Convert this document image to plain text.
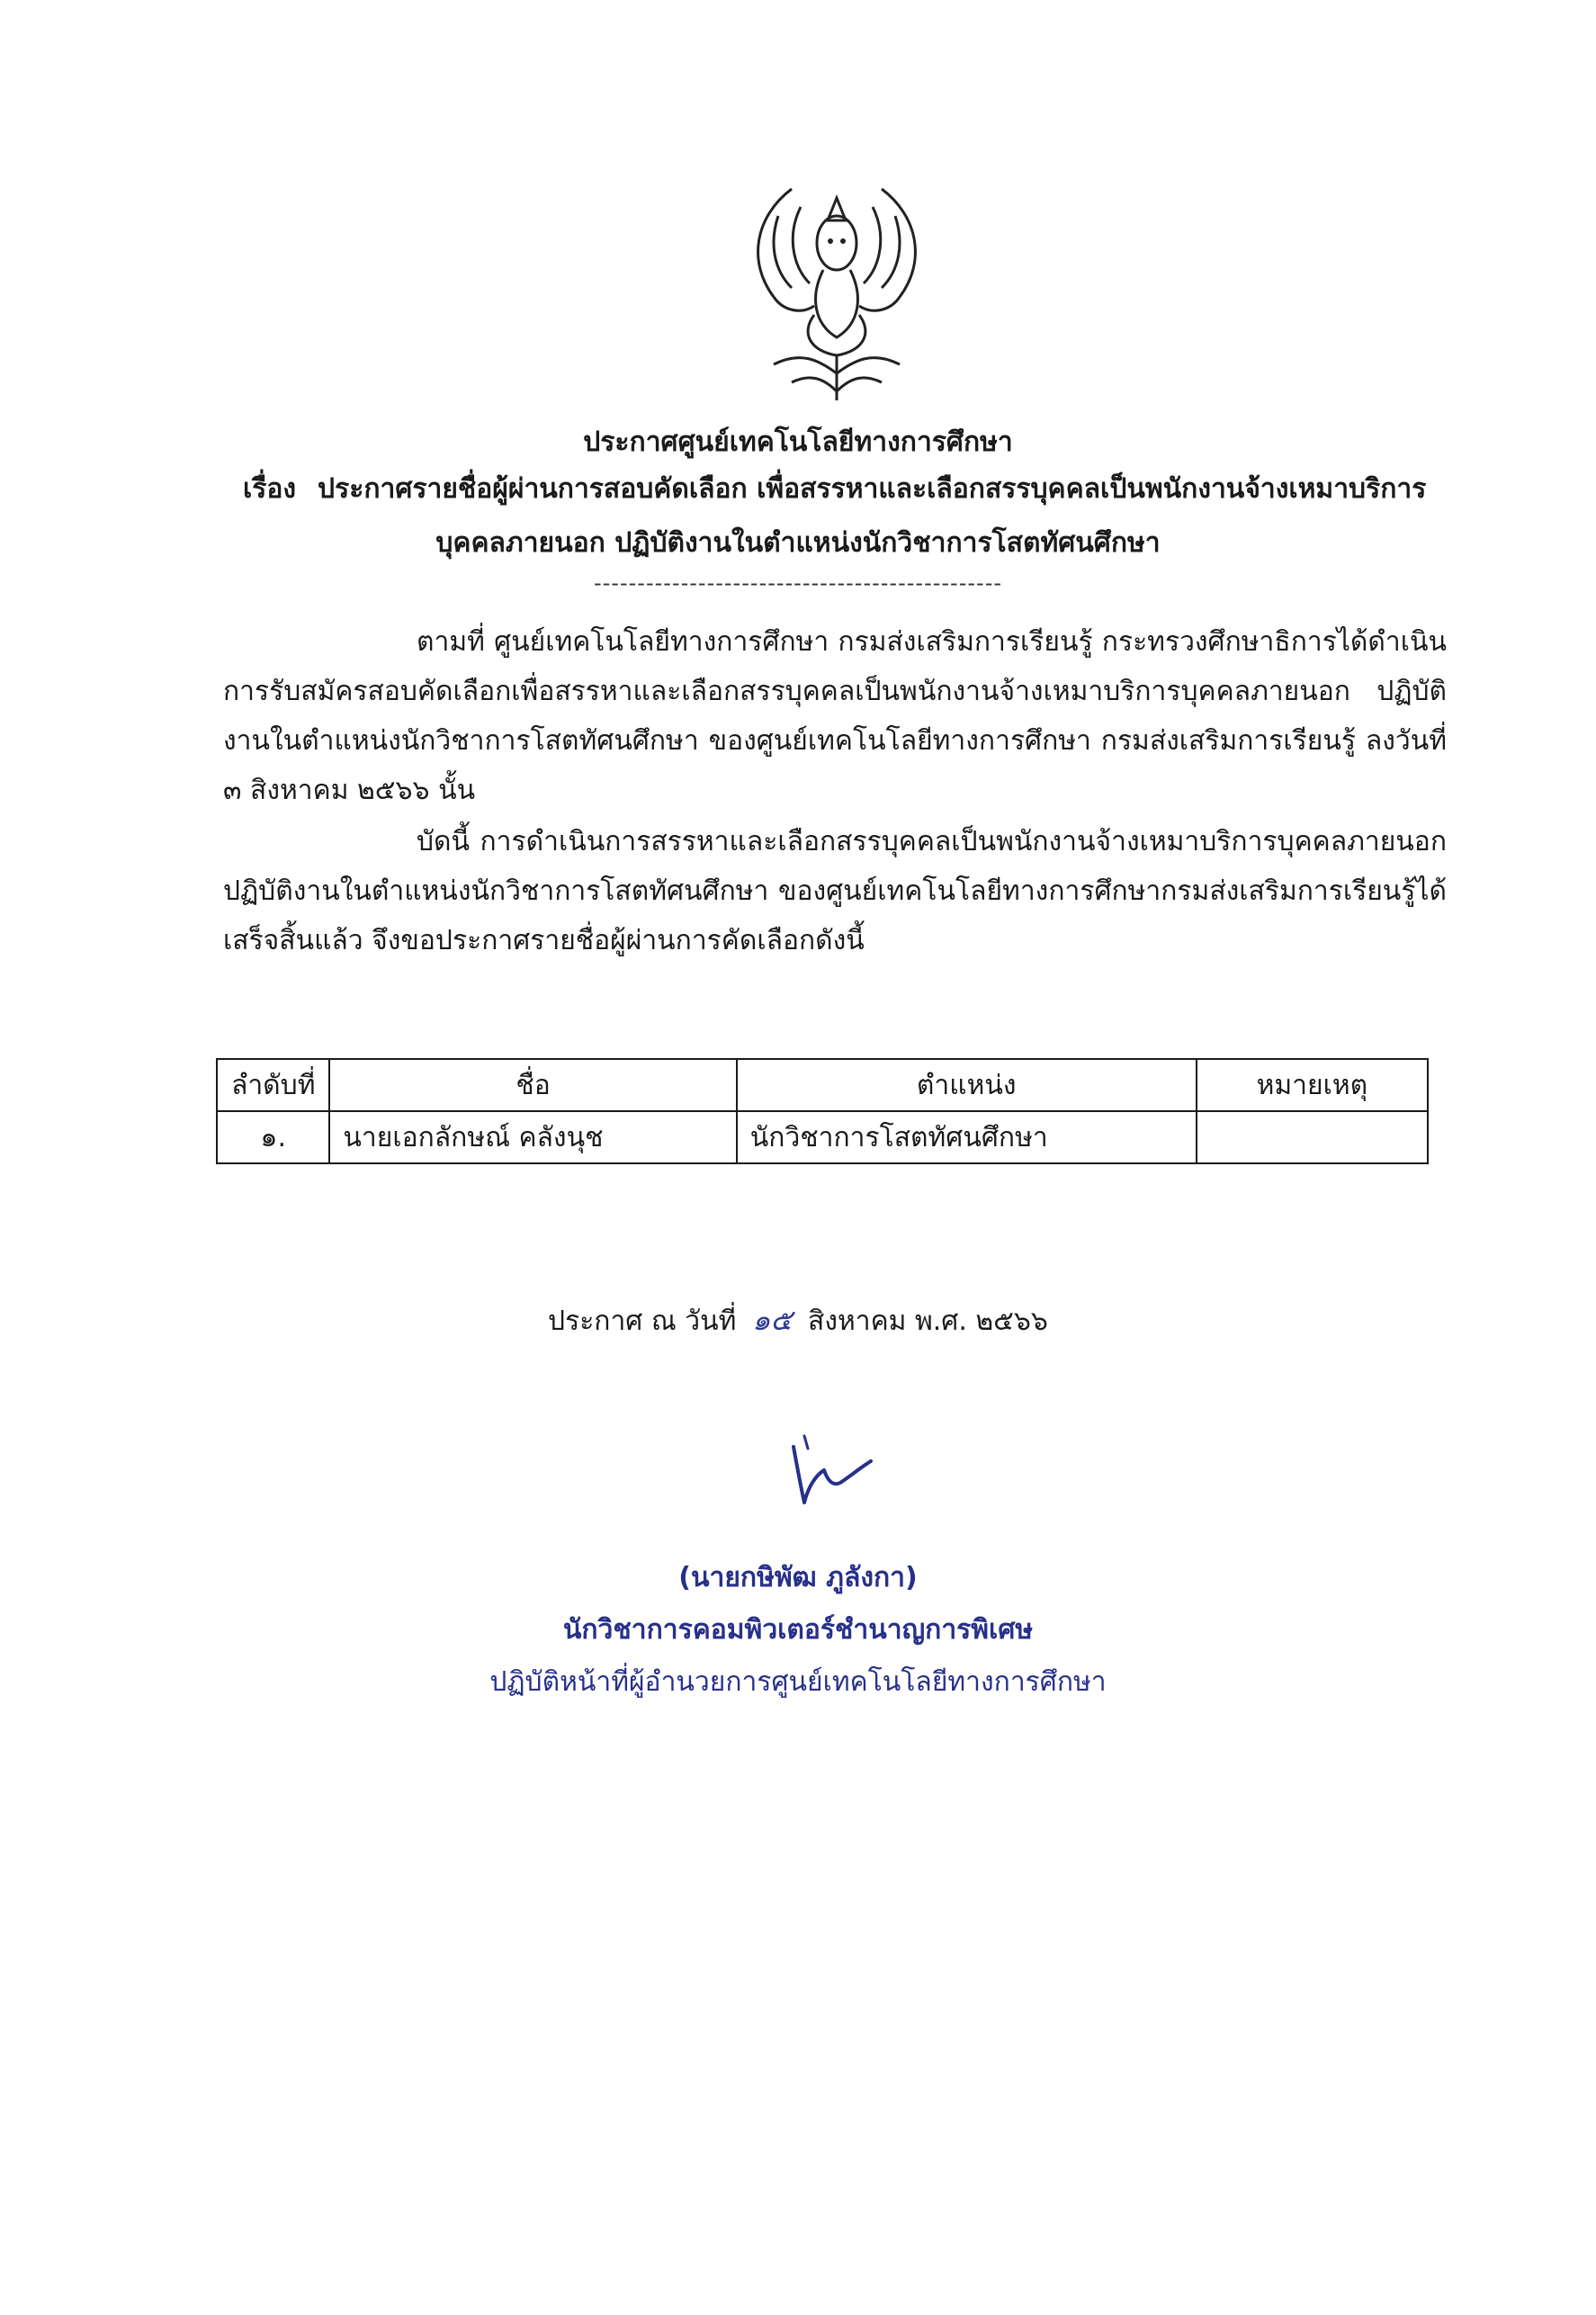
ประกาศศูนย์เทคโนโลยีทางการศึกษา
เรื่อง ประกาศรายชื่อผู้ผ่านการสอบคัดเลือก เพื่อสรรหาและเลือกสรรบุคคลเป็นพนักงานจ้างเหมาบริการ
บุคคลภายนอก ปฏิบัติงานในตำแหน่งนักวิชาการโสตทัศนศึกษา
-----------------------------------------------
ตามที่ ศูนย์เทคโนโลยีทางการศึกษา กรมส่งเสริมการเรียนรู้ กระทรวงศึกษาธิการได้ดำเนินการรับสมัครสอบคัดเลือกเพื่อสรรหาและเลือกสรรบุคคลเป็นพนักงานจ้างเหมาบริการบุคคลภายนอก ปฏิบัติงานในตำแหน่งนักวิชาการโสตทัศนศึกษา ของศูนย์เทคโนโลยีทางการศึกษา กรมส่งเสริมการเรียนรู้ ลงวันที่ ๓ สิงหาคม ๒๕๖๖ นั้น
บัดนี้ การดำเนินการสรรหาและเลือกสรรบุคคลเป็นพนักงานจ้างเหมาบริการบุคคลภายนอก ปฏิบัติงานในตำแหน่งนักวิชาการโสตทัศนศึกษา ของศูนย์เทคโนโลยีทางการศึกษากรมส่งเสริมการเรียนรู้ได้เสร็จสิ้นแล้ว จึงขอประกาศรายชื่อผู้ผ่านการคัดเลือกดังนี้
ลำดับที่	ชื่อ	ตำแหน่ง	หมายเหตุ
๑.	นายเอกลักษณ์ คลังนุช	นักวิชาการโสตทัศนศึกษา	
ประกาศ ณ วันที่ ๑๕ สิงหาคม พ.ศ. ๒๕๖๖
(นายกษิพัฒ ภูลังกา)
นักวิชาการคอมพิวเตอร์ชำนาญการพิเศษ
ปฏิบัติหน้าที่ผู้อำนวยการศูนย์เทคโนโลยีทางการศึกษา
